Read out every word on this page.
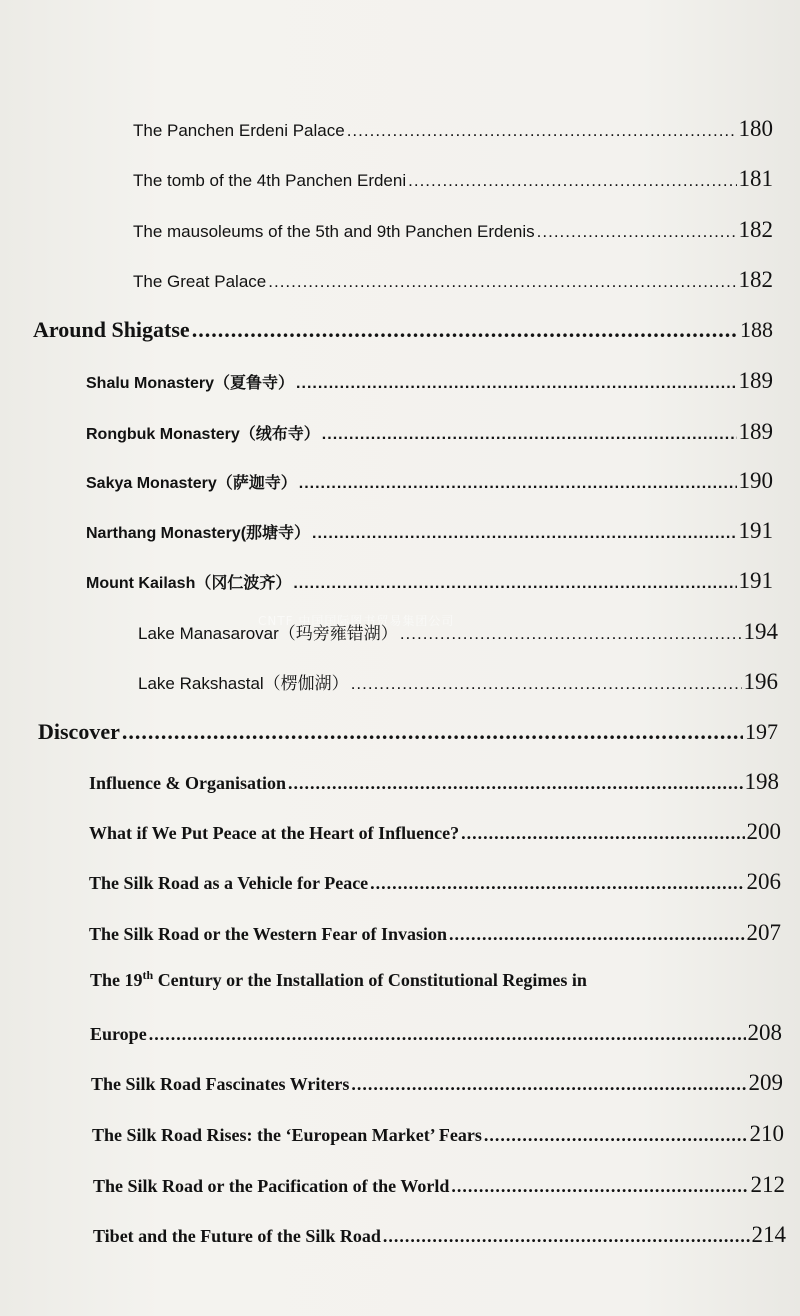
The Panchen Erdeni Palace .....	180
The tomb of the 4th Panchen Erdeni .....	181
The mausoleums of the 5th and 9th Panchen Erdenis .....	182
The Great Palace .....	182
Around Shigatse .....	188
Shalu Monastery（夏鲁寺） .....	189
Rongbuk Monastery（绒布寺） .....	189
Sakya Monastery（萨迦寺） .....	190
Narthang Monastery(那塘寺） .....	191
Mount Kailash（冈仁波齐） .....	191
Lake Manasarovar（玛旁雍错湖） .....	194
Lake Rakshastal（楞伽湖） .....	196
Discover .....	197
Influence & Organisation .....	198
What if We Put Peace at the Heart of Influence? .....	200
The Silk Road as a Vehicle for Peace .....	206
The Silk Road or the Western Fear of Invasion .....	207
The 19th Century or the Installation of Constitutional Regimes in
Europe .....	208
The Silk Road Fascinates Writers .....	209
The Silk Road Rises: the ‘European Market’ Fears .....	210
The Silk Road or the Pacification of the World .....	212
Tibet and the Future of the Silk Road .....	214
CNTF 中国国际图书贸易集团公司
